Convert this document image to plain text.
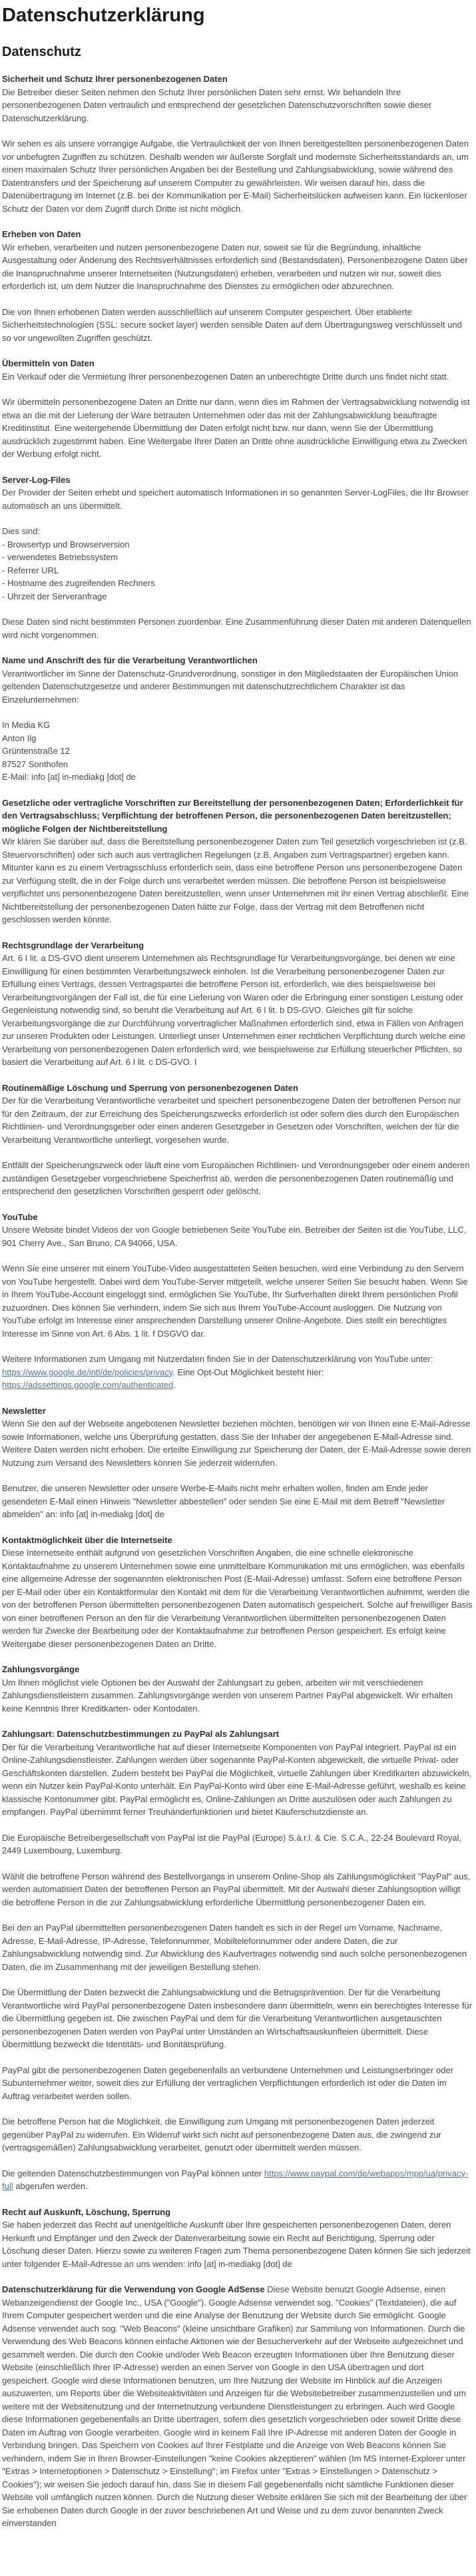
Datenschutzerklärung
Datenschutz

Sicherheit und Schutz Ihrer personenbezogenen Daten
Die Betreiber dieser Seiten nehmen den Schutz Ihrer persönlichen Daten sehr ernst. Wir behandeln Ihre personenbezogenen Daten vertraulich und entsprechend der gesetzlichen Datenschutzvorschriften sowie dieser Datenschutzerklärung.

Wir sehen es als unsere vorrangige Aufgabe, die Vertraulichkeit der von Ihnen bereitgestellten personenbezogenen Daten vor unbefugten Zugriffen zu schützen. Deshalb wenden wir äußerste Sorgfalt und modernste Sicherheitsstandards an, um einen maximalen Schutz Ihrer persönlichen Angaben bei der Bestellung und Zahlungsabwicklung, sowie während des Datentransfers und der Speicherung auf unserem Computer zu gewährleisten. Wir weisen darauf hin, dass die Datenübertragung im Internet (z.B. bei der Kommunikation per E-Mail) Sicherheitslücken aufweisen kann. Ein lückenloser Schutz der Daten vor dem Zugriff durch Dritte ist nicht möglich.

Erheben von Daten
Wir erheben, verarbeiten und nutzen personenbezogene Daten nur, soweit sie für die Begründung, inhaltliche Ausgestaltung oder Änderung des Rechtsverhältnisses erforderlich sind (Bestandsdaten). Personenbezogene Daten über die Inanspruchnahme unserer Internetseiten (Nutzungsdaten) erheben, verarbeiten und nutzen wir nur, soweit dies erforderlich ist, um dem Nutzer die Inanspruchnahme des Dienstes zu ermöglichen oder abzurechnen.

Die von Ihnen erhobenen Daten werden ausschließlich auf unserem Computer gespeichert. Über etablierte Sicherheitstechnologien (SSL: secure socket layer) werden sensible Daten auf dem Übertragungsweg verschlüsselt und so vor ungewollten Zugriffen geschützt.

Übermitteln von Daten
Ein Verkauf oder die Vermietung Ihrer personenbezogenen Daten an unberechtigte Dritte durch uns findet nicht statt.

Wir übermitteln personenbezogene Daten an Dritte nur dann, wenn dies im Rahmen der Vertragsabwicklung notwendig ist etwa an die mit der Lieferung der Ware betrauten Unternehmen oder das mit der Zahlungsabwicklung beauftragte Kreditinstitut. Eine weitergehende Übermittlung der Daten erfolgt nicht bzw. nur dann, wenn Sie der Übermittlung ausdrücklich zugestimmt haben. Eine Weitergabe Ihrer Daten an Dritte ohne ausdrückliche Einwilligung etwa zu Zwecken der Werbung erfolgt nicht.

Server-Log-Files
Der Provider der Seiten erhebt und speichert automatisch Informationen in so genannten Server-LogFiles, die Ihr Browser automatisch an uns übermittelt.

Dies sind:
- Browsertyp und Browserversion
- verwendetes Betriebssystem
- Referrer URL
- Hostname des zugreifenden Rechners
- Uhrzeit der Serveranfrage

Diese Daten sind nicht bestimmten Personen zuordenbar. Eine Zusammenführung dieser Daten mit anderen Datenquellen wird nicht vorgenommen.

Name und Anschrift des für die Verarbeitung Verantwortlichen
Verantwortlicher im Sinne der Datenschutz-Grundverordnung, sonstiger in den Mitgliedstaaten der Europäischen Union geltenden Datenschutzgesetze und anderer Bestimmungen mit datenschutzrechtlichem Charakter ist das Einzelunternehmen:

In Media KG
Anton Ilg
Grüntenstraße 12
87527 Sonthofen
E-Mail: info [at] in-mediakg [dot] de

Gesetzliche oder vertragliche Vorschriften zur Bereitstellung der personenbezogenen Daten; Erforderlichkeit für den Vertragsabschluss; Verpflichtung der betroffenen Person, die personenbezogenen Daten bereitzustellen; mögliche Folgen der Nichtbereitstellung
Wir klären Sie darüber auf, dass die Bereitstellung personenbezogener Daten zum Teil gesetzlich vorgeschrieben ist (z.B. Steuervorschriften) oder sich auch aus vertraglichen Regelungen (z.B. Angaben zum Vertragspartner) ergeben kann. Mitunter kann es zu einem Vertragsschluss erforderlich sein, dass eine betroffene Person uns personenbezogene Daten zur Verfügung stellt, die in der Folge durch uns verarbeitet werden müssen. Die betroffene Person ist beispielsweise verpflichtet uns personenbezogene Daten bereitzustellen, wenn unser Unternehmen mit ihr einen Vertrag abschließt. Eine Nichtbereitstellung der personenbezogenen Daten hätte zur Folge, dass der Vertrag mit dem Betroffenen nicht geschlossen werden könnte.

Rechtsgrundlage der Verarbeitung
Art. 6 I lit. a DS-GVO dient unserem Unternehmen als Rechtsgrundlage für Verarbeitungsvorgänge, bei denen wir eine Einwilligung für einen bestimmten Verarbeitungszweck einholen. Ist die Verarbeitung personenbezogener Daten zur Erfüllung eines Vertrags, dessen Vertragspartei die betroffene Person ist, erforderlich, wie dies beispielsweise bei Verarbeitungsvorgängen der Fall ist, die für eine Lieferung von Waren oder die Erbringung einer sonstigen Leistung oder Gegenleistung notwendig sind, so beruht die Verarbeitung auf Art. 6 I lit. b DS-GVO. Gleiches gilt für solche Verarbeitungsvorgänge die zur Durchführung vorvertraglicher Maßnahmen erforderlich sind, etwa in Fällen von Anfragen zur unseren Produkten oder Leistungen. Unterliegt unser Unternehmen einer rechtlichen Verpflichtung durch welche eine Verarbeitung von personenbezogenen Daten erforderlich wird, wie beispielsweise zur Erfüllung steuerlicher Pflichten, so basiert die Verarbeitung auf Art. 6 I lit. c DS-GVO. I

Routinemäßige Löschung und Sperrung von personenbezogenen Daten
Der für die Verarbeitung Verantwortliche verarbeitet und speichert personenbezogene Daten der betroffenen Person nur für den Zeitraum, der zur Erreichung des Speicherungszwecks erforderlich ist oder sofern dies durch den Europäischen Richtlinien- und Verordnungsgeber oder einen anderen Gesetzgeber in Gesetzen oder Vorschriften, welchen der für die Verarbeitung Verantwortliche unterliegt, vorgesehen wurde.

Entfällt der Speicherungszweck oder läuft eine vom Europäischen Richtlinien- und Verordnungsgeber oder einem anderen zuständigen Gesetzgeber vorgeschriebene Speicherfrist ab, werden die personenbezogenen Daten routinemäßig und entsprechend den gesetzlichen Vorschriften gesperrt oder gelöscht.

YouTube
Unsere Website bindet Videos der von Google betriebenen Seite YouTube ein. Betreiber der Seiten ist die YouTube, LLC, 901 Cherry Ave., San Bruno, CA 94066, USA.

Wenn Sie eine unserer mit einem YouTube-Video ausgestatteten Seiten besuchen, wird eine Verbindung zu den Servern von YouTube hergestellt. Dabei wird dem YouTube-Server mitgeteilt, welche unserer Seiten Sie besucht haben. Wenn Sie in Ihrem YouTube-Account eingeloggt sind, ermöglichen Sie YouTube, Ihr Surfverhalten direkt Ihrem persönlichen Profil zuzuordnen. Dies können Sie verhindern, indem Sie sich aus Ihrem YouTube-Account ausloggen. Die Nutzung von YouTube erfolgt im Interesse einer ansprechenden Darstellung unserer Online-Angebote. Dies stellt ein berechtigtes Interesse im Sinne von Art. 6 Abs. 1 lit. f DSGVO dar.

Weitere Informationen zum Umgang mit Nutzerdaten finden Sie in der Datenschutzerklärung von YouTube unter: https://www.google.de/intl/de/policies/privacy. Eine Opt-Out Möglichkeit besteht hier: https://adssettings.google.com/authenticated.

Newsletter
Wenn Sie den auf der Webseite angebotenen Newsletter beziehen möchten, benötigen wir von Ihnen eine E-Mail-Adresse sowie Informationen, welche uns Überprüfung gestatten, dass Sie der Inhaber der angegebenen E-Mail-Adresse sind. Weitere Daten werden nicht erhoben. Die erteilte Einwilligung zur Speicherung der Daten, der E-Mail-Adresse sowie deren Nutzung zum Versand des Newsletters können Sie jederzeit widerrufen.

Benutzer, die unseren Newsletter oder unsere Werbe-E-Mails nicht mehr erhalten wollen, finden am Ende jeder gesendeten E-Mail einen Hinweis "Newsletter abbestellen" oder senden Sie eine E-Mail mit dem Betreff "Newsletter abmelden" an: info [at] in-mediakg [dot] de

Kontaktmöglichkeit über die Internetseite
Diese Internetseite enthält aufgrund von gesetzlichen Vorschriften Angaben, die eine schnelle elektronische Kontaktaufnahme zu unserem Unternehmen sowie eine unmittelbare Kommunikation mit uns ermöglichen, was ebenfalls eine allgemeine Adresse der sogenannten elektronischen Post (E-Mail-Adresse) umfasst. Sofern eine betroffene Person per E-Mail oder über ein Kontaktformular den Kontakt mit dem für die Verarbeitung Verantwortlichen aufnimmt, werden die von der betroffenen Person übermittelten personenbezogenen Daten automatisch gespeichert. Solche auf freiwilliger Basis von einer betroffenen Person an den für die Verarbeitung Verantwortlichen übermittelten personenbezogenen Daten werden für Zwecke der Bearbeitung oder der Kontaktaufnahme zur betroffenen Person gespeichert. Es erfolgt keine Weitergabe dieser personenbezogenen Daten an Dritte.

Zahlungsvorgänge
Um Ihnen möglichst viele Optionen bei der Auswahl der Zahlungsart zu geben, arbeiten wir mit verschiedenen Zahlungsdienstleistern zusammen. Zahlungsvorgänge werden von unserem Partner PayPal abgewickelt. Wir erhalten keine Kenntnis Ihrer Kreditkarten- oder Kontodaten.

Zahlungsart: Datenschutzbestimmungen zu PayPal als Zahlungsart
Der für die Verarbeitung Verantwortliche hat auf dieser Internetseite Komponenten von PayPal integriert. PayPal ist ein Online-Zahlungsdienstleister. Zahlungen werden über sogenannte PayPal-Konten abgewickelt, die virtuelle Privat- oder Geschäftskonten darstellen. Zudem besteht bei PayPal die Möglichkeit, virtuelle Zahlungen über Kreditkarten abzuwickeln, wenn ein Nutzer kein PayPal-Konto unterhält. Ein PayPal-Konto wird über eine E-Mail-Adresse geführt, weshalb es keine klassische Kontonummer gibt. PayPal ermöglicht es, Online-Zahlungen an Dritte auszulösen oder auch Zahlungen zu empfangen. PayPal übernimmt ferner Treuhänderfunktionen und bietet Käuferschutzdienste an.

Die Europäische Betreibergesellschaft von PayPal ist die PayPal (Europe) S.à.r.l. & Cie. S.C.A., 22-24 Boulevard Royal, 2449 Luxembourg, Luxemburg.

Wählt die betroffene Person während des Bestellvorgangs in unserem Online-Shop als Zahlungsmöglichkeit "PayPal" aus, werden automatisiert Daten der betroffenen Person an PayPal übermittelt. Mit der Auswahl dieser Zahlungsoption willigt die betroffene Person in die zur Zahlungsabwicklung erforderliche Übermittlung personenbezogener Daten ein.

Bei den an PayPal übermittelten personenbezogenen Daten handelt es sich in der Regel um Vorname, Nachname, Adresse, E-Mail-Adresse, IP-Adresse, Telefonnummer, Mobiltelefonnummer oder andere Daten, die zur Zahlungsabwicklung notwendig sind. Zur Abwicklung des Kaufvertrages notwendig sind auch solche personenbezogenen Daten, die im Zusammenhang mit der jeweiligen Bestellung stehen.

Die Übermittlung der Daten bezweckt die Zahlungsabwicklung und die Betrugsprävention. Der für die Verarbeitung Verantwortliche wird PayPal personenbezogene Daten insbesondere dann übermitteln, wenn ein berechtigtes Interesse für die Übermittlung gegeben ist. Die zwischen PayPal und dem für die Verarbeitung Verantwortlichen ausgetauschten personenbezogenen Daten werden von PayPal unter Umständen an Wirtschaftsauskunfteien übermittelt. Diese Übermittlung bezweckt die Identitäts- und Bonitätsprüfung.

PayPal gibt die personenbezogenen Daten gegebenenfalls an verbundene Unternehmen und Leistungserbringer oder Subunternehmer weiter, soweit dies zur Erfüllung der vertraglichen Verpflichtungen erforderlich ist oder die Daten im Auftrag verarbeitet werden sollen.

Die betroffene Person hat die Möglichkeit, die Einwilligung zum Umgang mit personenbezogenen Daten jederzeit gegenüber PayPal zu widerrufen. Ein Widerruf wirkt sich nicht auf personenbezogene Daten aus, die zwingend zur (vertragsgemäßen) Zahlungsabwicklung verarbeitet, genutzt oder übermittelt werden müssen.

Die geltenden Datenschutzbestimmungen von PayPal können unter https://www.paypal.com/de/webapps/mpp/ua/privacy-full abgerufen werden.

Recht auf Auskunft, Löschung, Sperrung
Sie haben jederzeit das Recht auf unentgeltliche Auskunft über Ihre gespeicherten personenbezogenen Daten, deren Herkunft und Empfänger und den Zweck der Datenverarbeitung sowie ein Recht auf Berichtigung, Sperrung oder Löschung dieser Daten. Hierzu sowie zu weiteren Fragen zum Thema personenbezogene Daten können Sie sich jederzeit unter folgender E-Mail-Adresse an uns wenden: info [at] in-mediakg [dot] de

Datenschutzerklärung für die Verwendung von Google AdSense Diese Website benutzt Google Adsense, einen Webanzeigendienst der Google Inc., USA ("Google"). Google Adsense verwendet sog. "Cookies" (Textdateien), die auf Ihrem Computer gespeichert werden und die eine Analyse der Benutzung der Website durch Sie ermöglicht. Google Adsense verwendet auch sog. "Web Beacons" (kleine unsichtbare Grafiken) zur Sammlung von Informationen. Durch die Verwendung des Web Beacons können einfache Aktionen wie der Besucherverkehr auf der Webseite aufgezeichnet und gesammelt werden. Die durch den Cookie und/oder Web Beacon erzeugten Informationen über Ihre Benutzung dieser Website (einschließlich Ihrer IP-Adresse) werden an einen Server von Google in den USA übertragen und dort gespeichert. Google wird diese Informationen benutzen, um Ihre Nutzung der Website im Hinblick auf die Anzeigen auszuwerten, um Reports über die Websiteaktivitäten und Anzeigen für die Websitebetreiber zusammenzustellen und um weitere mit der Websitenutzung und der Internetnutzung verbundene Dienstleistungen zu erbringen. Auch wird Google diese Informationen gegebenenfalls an Dritte übertragen, sofern dies gesetzlich vorgeschrieben oder soweit Dritte diese Daten im Auftrag von Google verarbeiten. Google wird in keinem Fall Ihre IP-Adresse mit anderen Daten der Google in Verbindung bringen. Das Speichern von Cookies auf Ihrer Festplatte und die Anzeige von Web Beacons können Sie verhindern, indem Sie in Ihren Browser-Einstellungen "keine Cookies akzeptieren" wählen (Im MS Internet-Explorer unter "Extras > Internetoptionen > Datenschutz > Einstellung"; im Firefox unter "Extras > Einstellungen > Datenschutz > Cookies"); wir weisen Sie jedoch darauf hin, dass Sie in diesem Fall gegebenenfalls nicht sämtliche Funktionen dieser Website voll umfänglich nutzen können. Durch die Nutzung dieser Website erklären Sie sich mit der Bearbeitung der über Sie erhobenen Daten durch Google in der zuvor beschriebenen Art und Weise und zu dem zuvor benannten Zweck einverstanden
